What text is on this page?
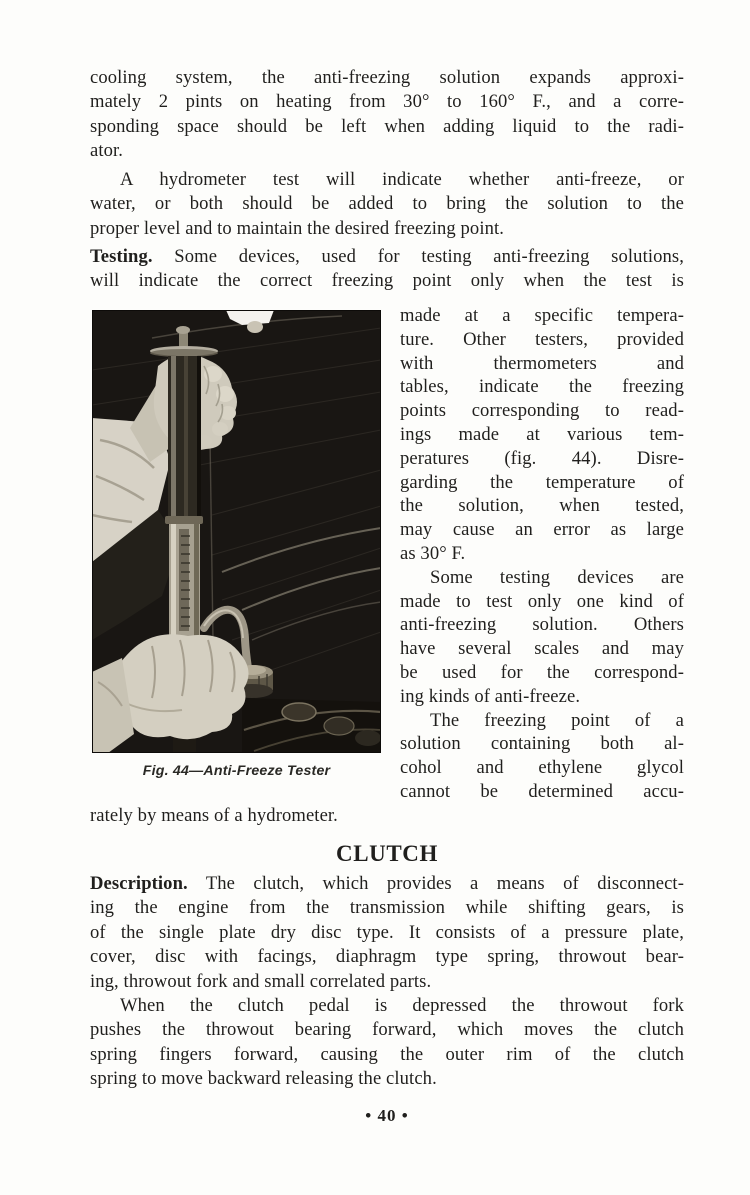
cooling system, the anti-freezing solution expands approxi-
mately 2 pints on heating from 30° to 160° F., and a corre-
sponding space should be left when adding liquid to the radi-
ator.
A hydrometer test will indicate whether anti-freeze, or
water, or both should be added to bring the solution to the
proper level and to maintain the desired freezing point.
Testing. Some devices, used for testing anti-freezing solutions,
will indicate the correct freezing point only when the test is
Fig. 44—Anti-Freeze Tester
made at a specific tempera-
ture. Other testers, provided
with thermometers and
tables, indicate the freezing
points corresponding to read-
ings made at various tem-
peratures (fig. 44). Disre-
garding the temperature of
the solution, when tested,
may cause an error as large
as 30° F.
Some testing devices are
made to test only one kind of
anti-freezing solution. Others
have several scales and may
be used for the correspond-
ing kinds of anti-freeze.
The freezing point of a
solution containing both al-
cohol and ethylene glycol
cannot be determined accu-
rately by means of a hydrometer.
CLUTCH
Description. The clutch, which provides a means of disconnect-
ing the engine from the transmission while shifting gears, is
of the single plate dry disc type. It consists of a pressure plate,
cover, disc with facings, diaphragm type spring, throwout bear-
ing, throwout fork and small correlated parts.
When the clutch pedal is depressed the throwout fork
pushes the throwout bearing forward, which moves the clutch
spring fingers forward, causing the outer rim of the clutch
spring to move backward releasing the clutch.
• 40 •
